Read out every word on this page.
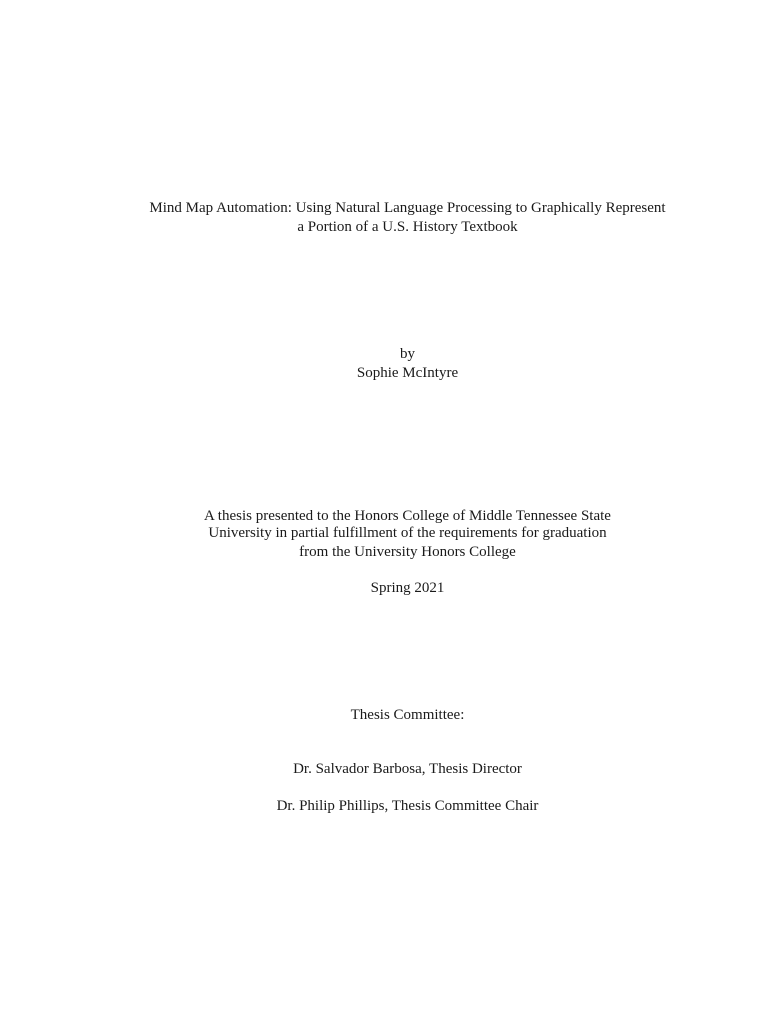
Mind Map Automation: Using Natural Language Processing to Graphically Represent
a Portion of a U.S. History Textbook
by
Sophie McIntyre
A thesis presented to the Honors College of Middle Tennessee State
University in partial fulfillment of the requirements for graduation
from the University Honors College
Spring 2021
Thesis Committee:
Dr. Salvador Barbosa, Thesis Director
Dr. Philip Phillips, Thesis Committee Chair
